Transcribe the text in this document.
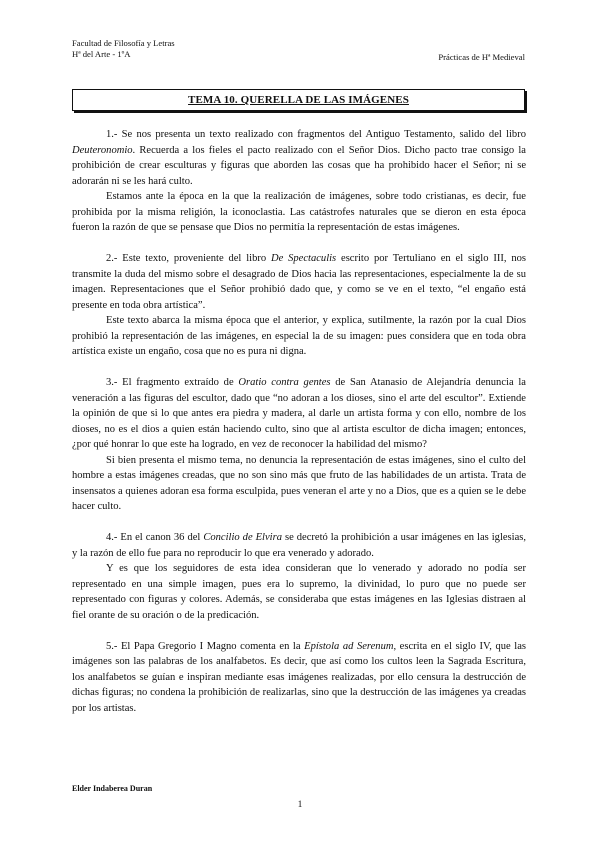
Facultad de Filosofía y Letras
Hª del Arte - 1ºA	Prácticas de Hª Medieval
TEMA 10. QUERELLA DE LAS IMÁGENES

1.- Se nos presenta un texto realizado con fragmentos del Antiguo Testamento, salido del libro Deuteronomio. Recuerda a los fieles el pacto realizado con el Señor Dios. Dicho pacto trae consigo la prohibición de crear esculturas y figuras que aborden las cosas que ha prohibido hacer el Señor; ni se adorarán ni se les hará culto.

Estamos ante la época en la que la realización de imágenes, sobre todo cristianas, es decir, fue prohibida por la misma religión, la iconoclastia. Las catástrofes naturales que se dieron en esta época fueron la razón de que se pensase que Dios no permitía la representación de estas imágenes.

2.- Este texto, proveniente del libro De Spectaculis escrito por Tertuliano en el siglo III, nos transmite la duda del mismo sobre el desagrado de Dios hacia las representaciones, especialmente la de su imagen. Representaciones que el Señor prohibió dado que, y como se ve en el texto, “el engaño está presente en toda obra artística”.

Este texto abarca la misma época que el anterior, y explica, sutilmente, la razón por la cual Dios prohibió la representación de las imágenes, en especial la de su imagen: pues considera que en toda obra artística existe un engaño, cosa que no es pura ni digna.

3.- El fragmento extraído de Oratio contra gentes de San Atanasio de Alejandría denuncia la veneración a las figuras del escultor, dado que “no adoran a los dioses, sino el arte del escultor”. Extiende la opinión de que si lo que antes era piedra y madera, al darle un artista forma y con ello, nombre de los dioses, no es el dios a quien están haciendo culto, sino que al artista escultor de dicha imagen; entonces, ¿por qué honrar lo que este ha logrado, en vez de reconocer la habilidad del mismo?

Si bien presenta el mismo tema, no denuncia la representación de estas imágenes, sino el culto del hombre a estas imágenes creadas, que no son sino más que fruto de las habilidades de un artista. Trata de insensatos a quienes adoran esa forma esculpida, pues veneran el arte y no a Dios, que es a quien se le debe hacer culto.

4.- En el canon 36 del Concilio de Elvira se decretó la prohibición a usar imágenes en las iglesias, y la razón de ello fue para no reproducir lo que era venerado y adorado.

Y es que los seguidores de esta idea consideran que lo venerado y adorado no podía ser representado en una simple imagen, pues era lo supremo, la divinidad, lo puro que no puede ser representado con figuras y colores. Además, se consideraba que estas imágenes en las Iglesias distraen al fiel orante de su oración o de la predicación.

5.- El Papa Gregorio I Magno comenta en la Epístola ad Serenum, escrita en el siglo IV, que las imágenes son las palabras de los analfabetos. Es decir, que así como los cultos leen la Sagrada Escritura, los analfabetos se guían e inspiran mediante esas imágenes realizadas, por ello censura la destrucción de dichas figuras; no condena la prohibición de realizarlas, sino que la destrucción de las imágenes ya creadas por los artistas.

Elder Indaberea Duran
1
